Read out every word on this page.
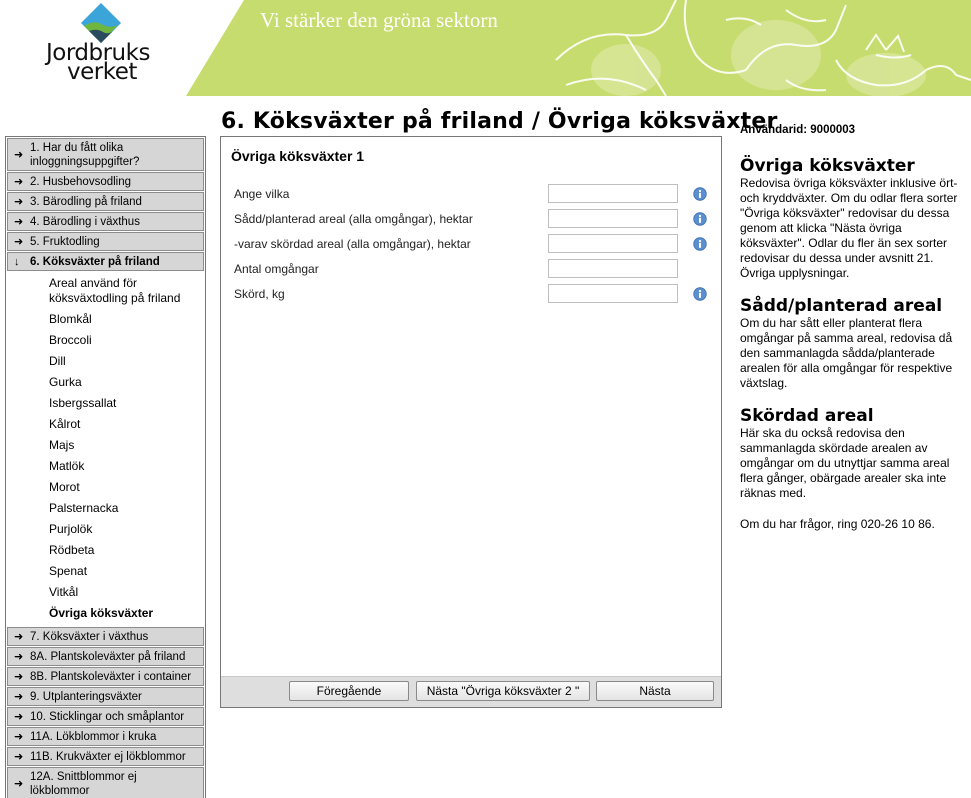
Jordbruks
verket
Vi stärker den gröna sektorn
➜
1. Har du fått olika inloggningsuppgifter?
➜ 2. Husbehovsodling
➜ 3. Bärodling på friland
➜ 4. Bärodling i växthus
➜ 5. Fruktodling
↓ 6. Köksväxter på friland
Areal använd för köksväxtodling på friland
Blomkål
Broccoli
Dill
Gurka
Isbergssallat
Kålrot
Majs
Matlök
Morot
Palsternacka
Purjolök
Rödbeta
Spenat
Vitkål
Övriga köksväxter
➜ 7. Köksväxter i växthus
➜ 8A. Plantskoleväxter på friland
➜ 8B. Plantskoleväxter i container
➜ 9. Utplanteringsväxter
➜ 10. Sticklingar och småplantor
➜ 11A. Lökblommor i kruka
➜ 11B. Krukväxter ej lökblommor
➜
12A. Snittblommor ej lökblommor
6. Köksväxter på friland / Övriga köksväxter
Övriga köksväxter 1
Ange vilka
Sådd/planterad areal (alla omgångar), hektar
-varav skördad areal (alla omgångar), hektar
Antal omgångar
Skörd, kg
Föregående	Nästa "Övriga köksväxter 2 "	Nästa
Användarid: 9000003
Övriga köksväxter

Redovisa övriga köksväxter inklusive ört- och kryddväxter. Om du odlar flera sorter "Övriga köksväxter" redovisar du dessa genom att klicka "Nästa övriga köksväxter". Odlar du fler än sex sorter redovisar du dessa under avsnitt 21. Övriga upplysningar.

Sådd/planterad areal

Om du har sått eller planterat flera omgångar på samma areal, redovisa då den sammanlagda sådda/planterade arealen för alla omgångar för respektive växtslag.

Skördad areal

Här ska du också redovisa den sammanlagda skördade arealen av omgångar om du utnyttjar samma areal flera gånger, obärgade arealer ska inte räknas med.

Om du har frågor, ring 020-26 10 86.
